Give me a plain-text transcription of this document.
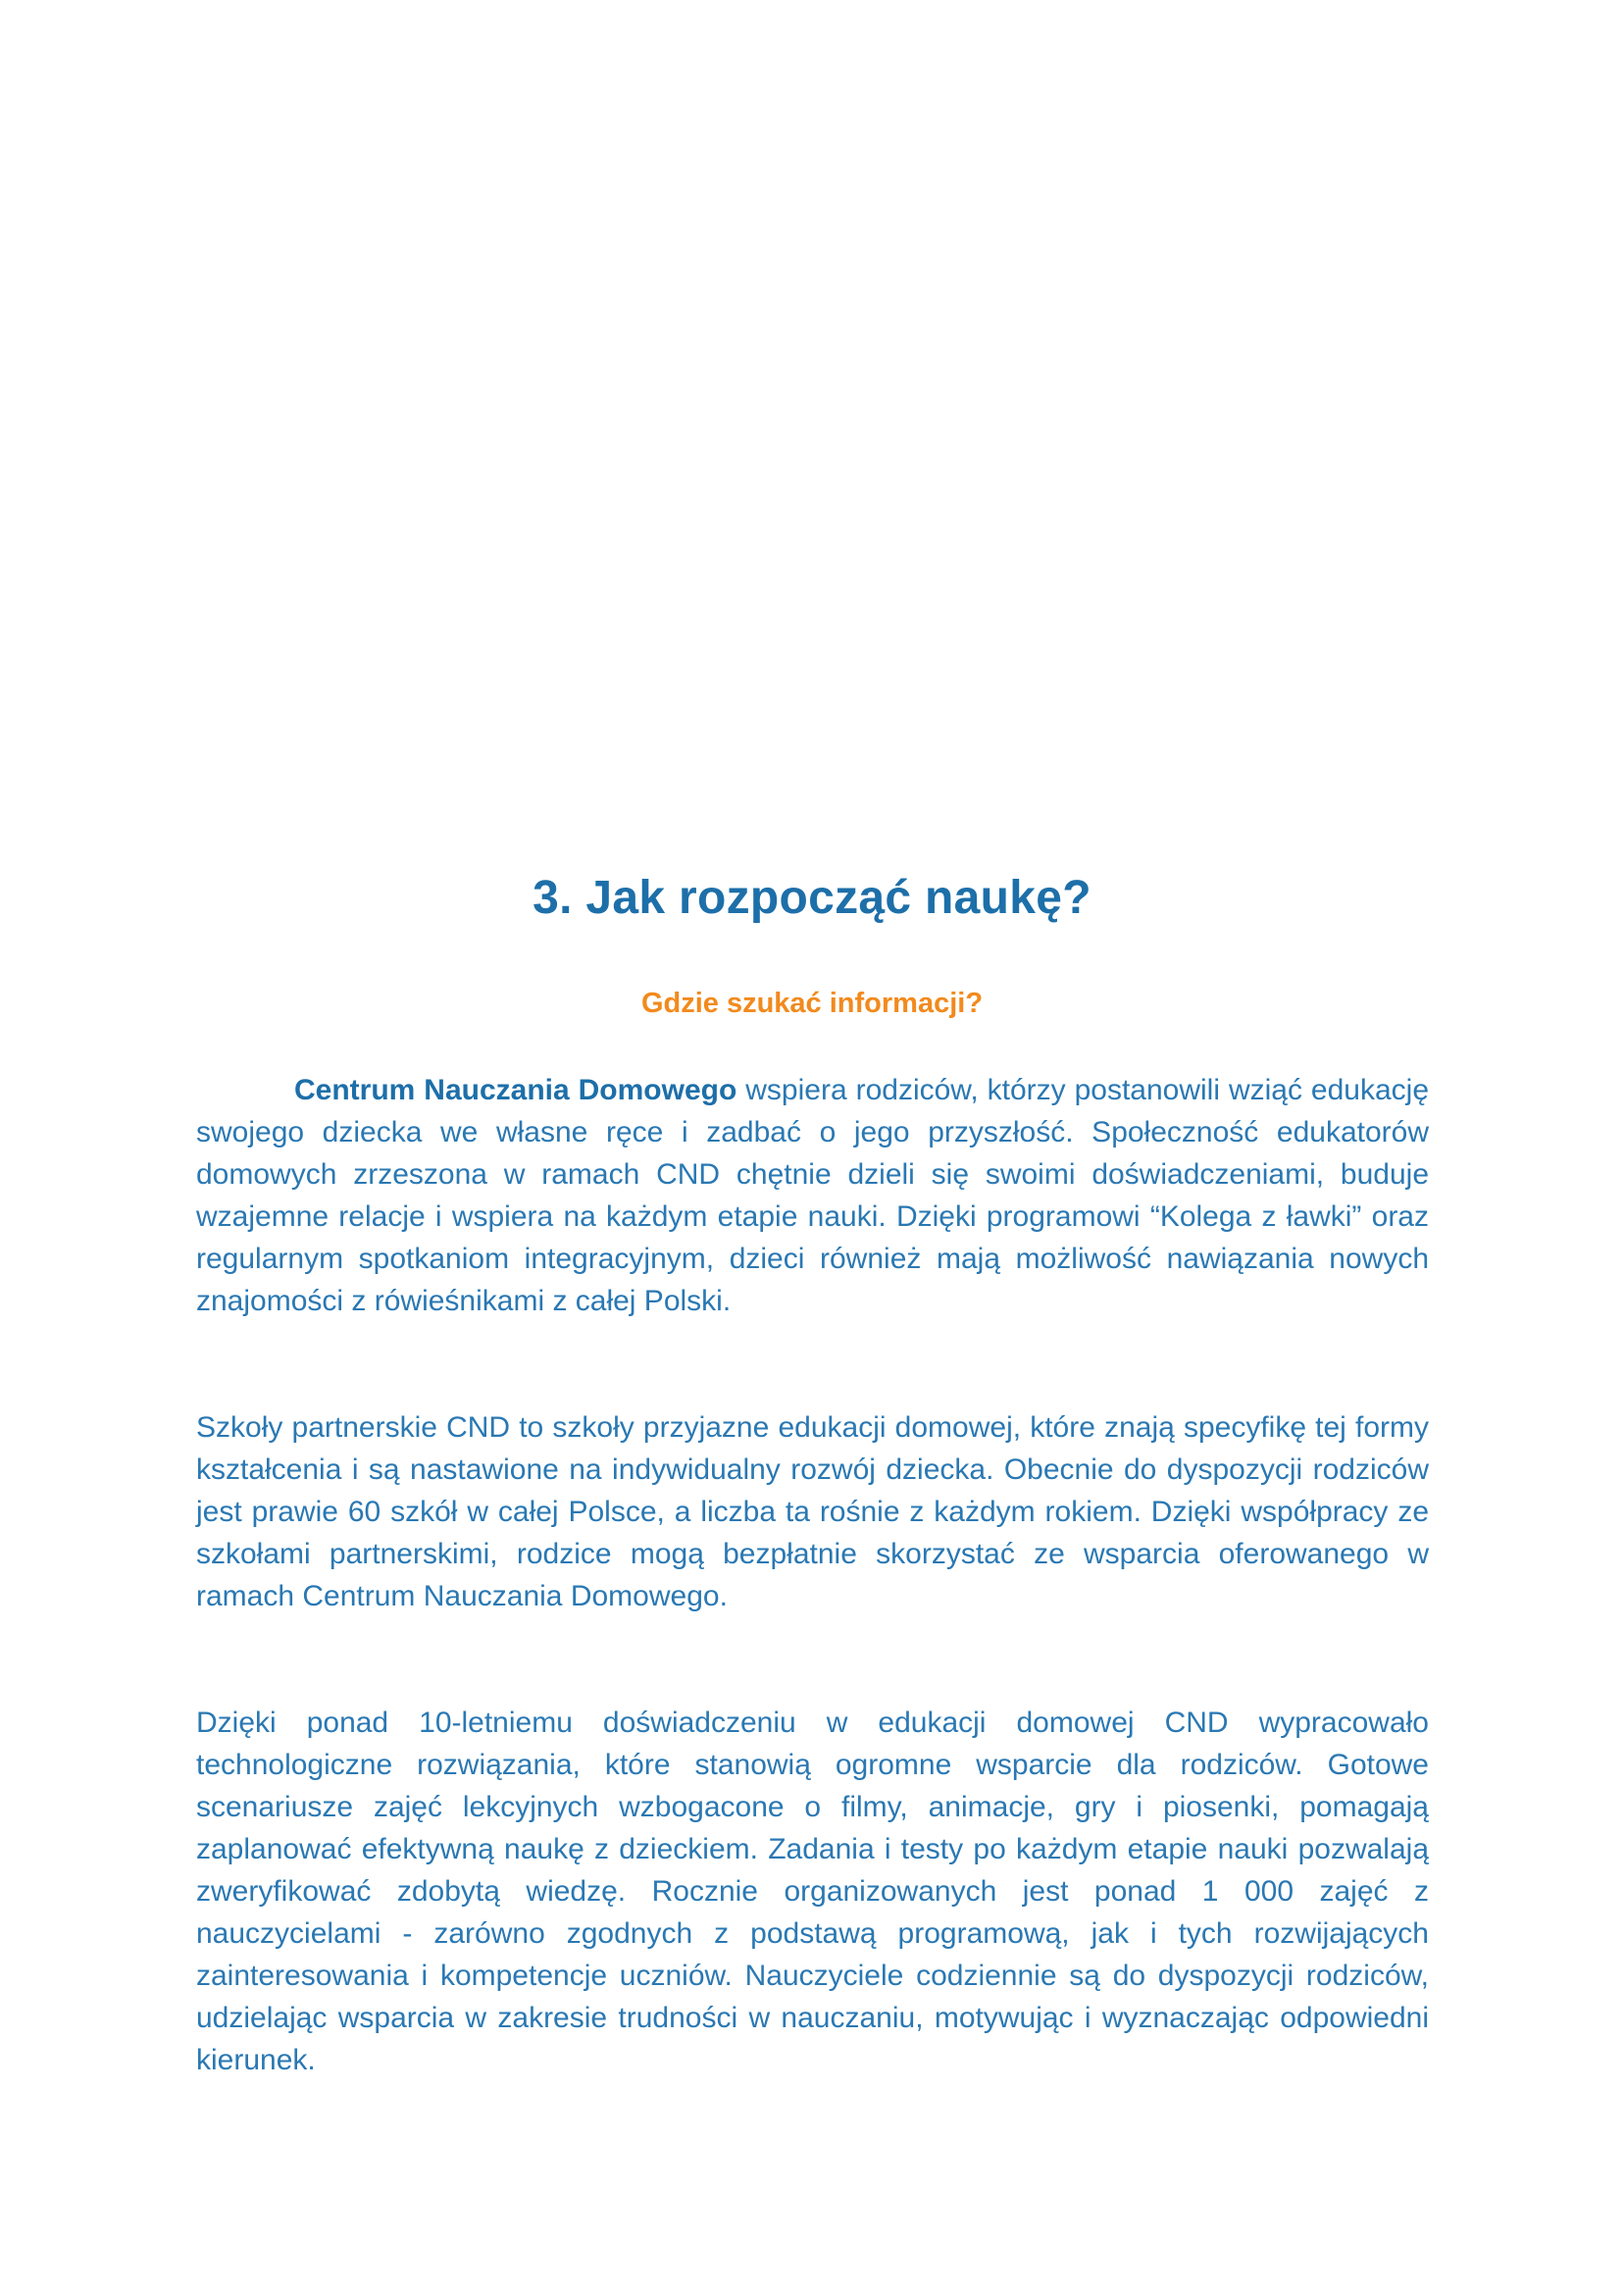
3. Jak rozpocząć naukę?
Gdzie szukać informacji?

Centrum Nauczania Domowego wspiera rodziców, którzy postanowili wziąć edukację swojego dziecka we własne ręce i zadbać o jego przyszłość. Społeczność edukatorów domowych zrzeszona w ramach CND chętnie dzieli się swoimi doświadczeniami, buduje wzajemne relacje i wspiera na każdym etapie nauki. Dzięki programowi “Kolega z ławki” oraz regularnym spotkaniom integracyjnym, dzieci również mają możliwość nawiązania nowych znajomości z rówieśnikami z całej Polski.

Szkoły partnerskie CND to szkoły przyjazne edukacji domowej, które znają specyfikę tej formy kształcenia i są nastawione na indywidualny rozwój dziecka. Obecnie do dyspozycji rodziców jest prawie 60 szkół w całej Polsce, a liczba ta rośnie z każdym rokiem. Dzięki współpracy ze szkołami partnerskimi, rodzice mogą bezpłatnie skorzystać ze wsparcia oferowanego w ramach Centrum Nauczania Domowego.

Dzięki ponad 10-letniemu doświadczeniu w edukacji domowej CND wypracowało technologiczne rozwiązania, które stanowią ogromne wsparcie dla rodziców. Gotowe scenariusze zajęć lekcyjnych wzbogacone o filmy, animacje, gry i piosenki, pomagają zaplanować efektywną naukę z dzieckiem. Zadania i testy po każdym etapie nauki pozwalają zweryfikować zdobytą wiedzę. Rocznie organizowanych jest ponad 1 000 zajęć z nauczycielami - zarówno zgodnych z podstawą programową, jak i tych rozwijających zainteresowania i kompetencje uczniów. Nauczyciele codziennie są do dyspozycji rodziców, udzielając wsparcia w zakresie trudności w nauczaniu, motywując i wyznaczając odpowiedni kierunek.
